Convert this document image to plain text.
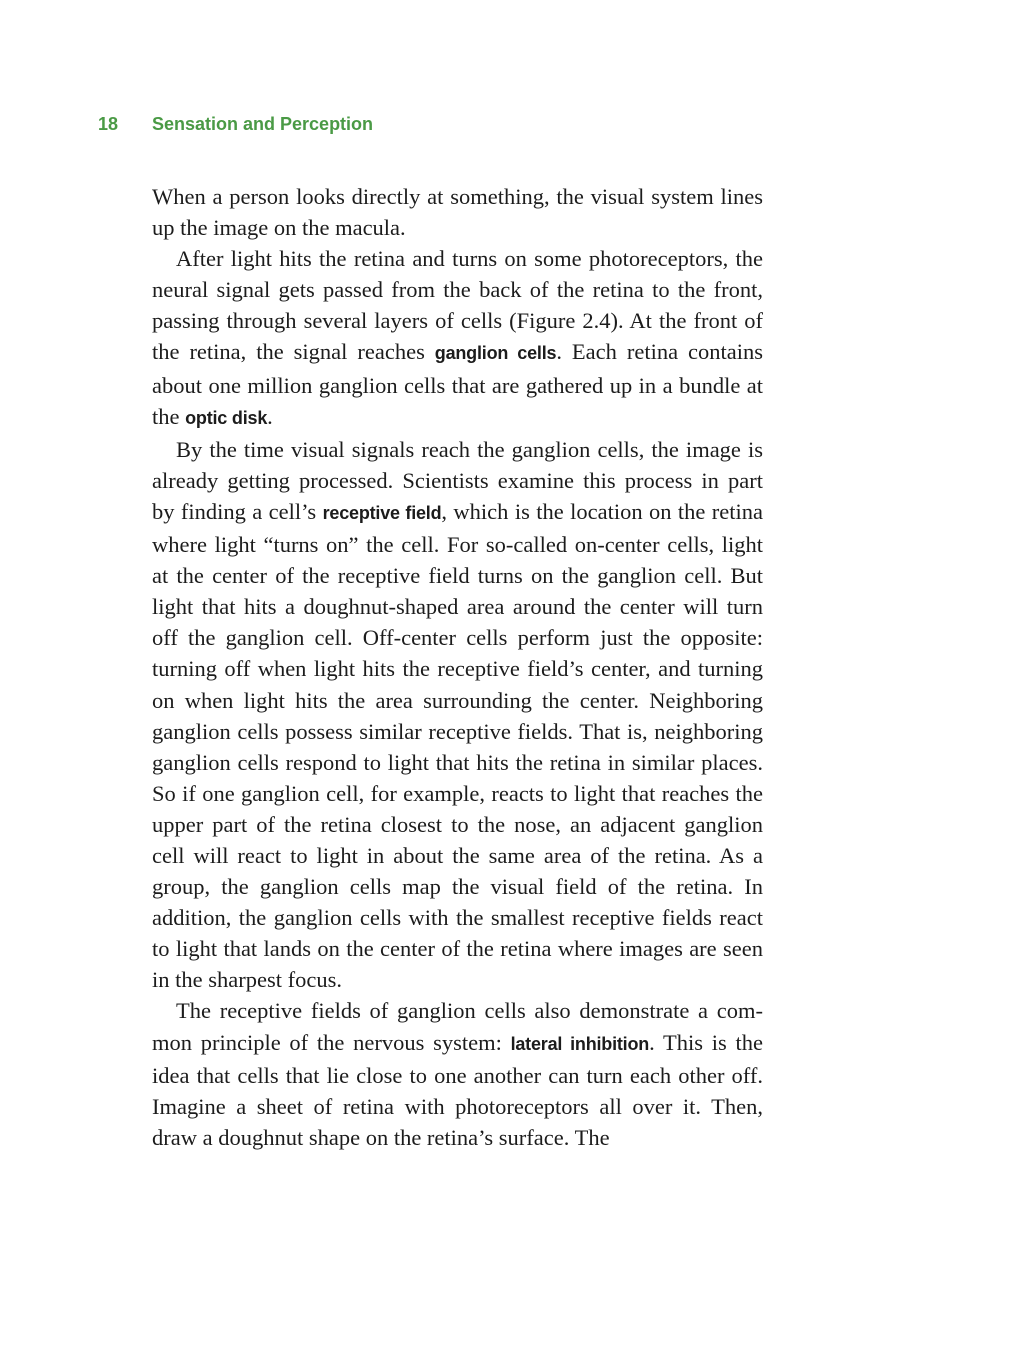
18 Sensation and Perception

When a person looks directly at something, the visual system lines up the image on the macula.

After light hits the retina and turns on some photoreceptors, the neural signal gets passed from the back of the retina to the front, passing through several layers of cells (Figure 2.4). At the front of the retina, the signal reaches ganglion cells. Each retina contains about one million ganglion cells that are gathered up in a bundle at the optic disk.

By the time visual signals reach the ganglion cells, the image is already getting processed. Scientists examine this process in part by finding a cell’s receptive field, which is the location on the retina where light “turns on” the cell. For so-called on-center cells, light at the center of the receptive field turns on the ganglion cell. But light that hits a doughnut-shaped area around the center will turn off the ganglion cell. Off-center cells perform just the opposite: turning off when light hits the receptive field’s center, and turning on when light hits the area surrounding the center. Neighboring ganglion cells possess similar receptive fields. That is, neighboring ganglion cells respond to light that hits the retina in similar places. So if one ganglion cell, for example, reacts to light that reaches the upper part of the retina closest to the nose, an adjacent ganglion cell will react to light in about the same area of the retina. As a group, the ganglion cells map the visual field of the retina. In addition, the ganglion cells with the smallest receptive fields react to light that lands on the center of the retina where images are seen in the sharpest focus.

The receptive fields of ganglion cells also demonstrate a common principle of the nervous system: lateral inhibition. This is the idea that cells that lie close to one another can turn each other off. Imagine a sheet of retina with photoreceptors all over it. Then, draw a doughnut shape on the retina’s surface. The
